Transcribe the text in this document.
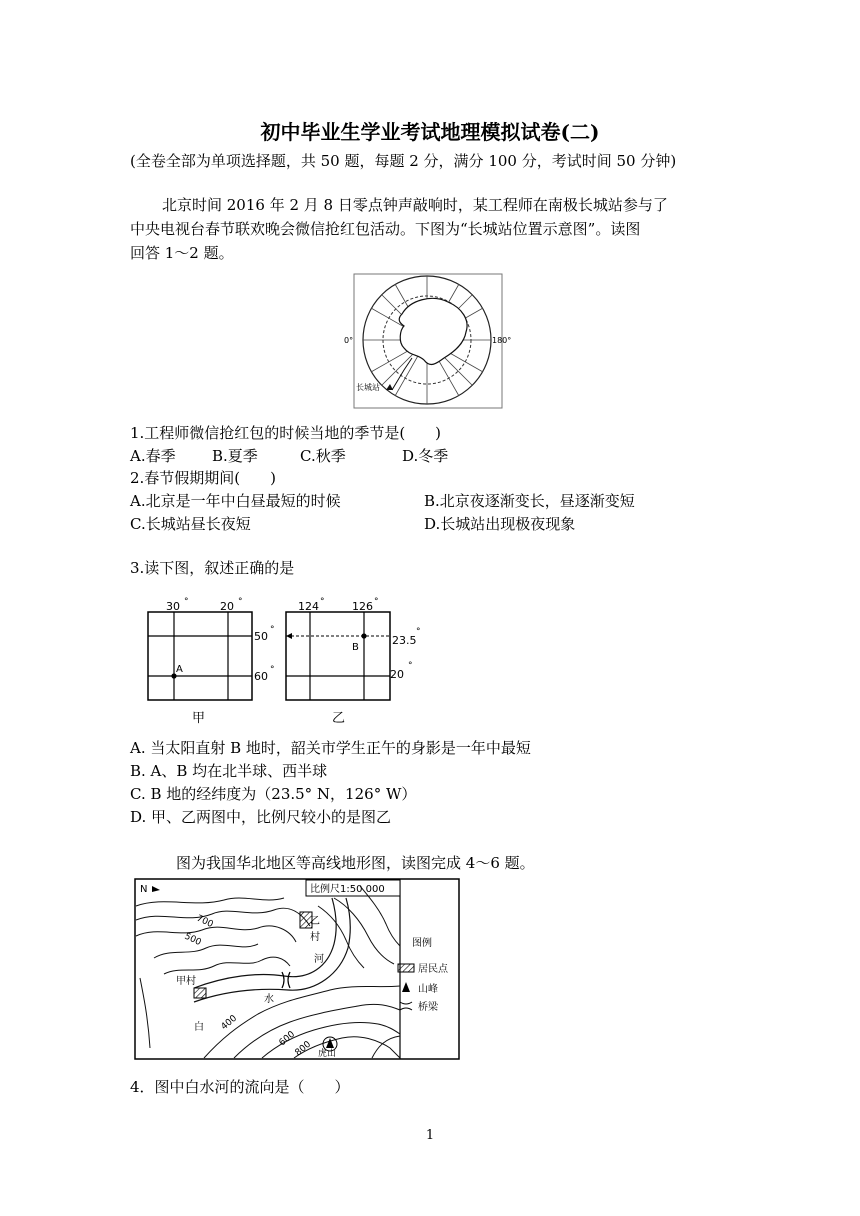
初中毕业生学业考试地理模拟试卷(二)
(全卷全部为单项选择题，共 50 题，每题 2 分，满分 100 分，考试时间 50 分钟)
北京时间 2016 年 2 月 8 日零点钟声敲响时，某工程师在南极长城站参与了
中央电视台春节联欢晚会微信抢红包活动。下图为“长城站位置示意图”。读图
回答 1～2 题。
0°	180°
长城站
1.工程师微信抢红包的时候当地的季节是(　　)
A.春季 B.夏季	C.秋季	D.冬季
2.春节假期期间(　　)
A.北京是一年中白昼最短的时候	B.北京夜逐渐变长，昼逐渐变短
C.长城站昼长夜短	D.长城站出现极夜现象
3.读下图，叙述正确的是
30 °	20 °
50 °
60 °
A
甲
124 °	126 °
23.5
°
20
°
B
乙
A. 当太阳直射 B 地时，韶关市学生正午的身影是一年中最短
B. A、B 均在北半球、西半球
C. B 地的经纬度为（23.5° N，126° W）
D. 甲、乙两图中，比例尺较小的是图乙
图为我国华北地区等高线地形图，读图完成 4～6 题。
比例尺1:50 000
N
甲村
乙
村
河
水
白
700
500
400
600
800 虎山
图例
居民点
山峰
桥梁
4．图中白水河的流向是（　　）
1
